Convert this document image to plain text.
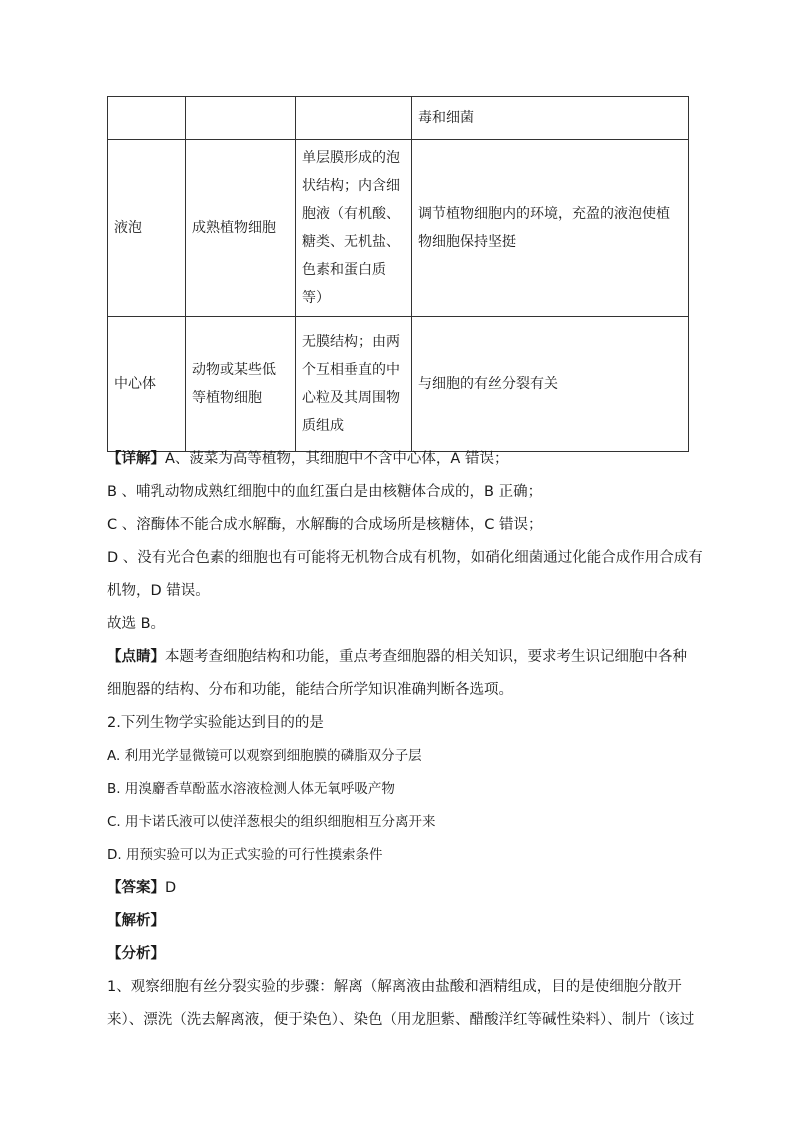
			毒和细菌
液泡	成熟植物细胞	单层膜形成的泡状结构；内含细胞液（有机酸、糖类、无机盐、色素和蛋白质等）	调节植物细胞内的环境，充盈的液泡使植物细胞保持坚挺
中心体	动物或某些低等植物细胞	无膜结构；由两个互相垂直的中心粒及其周围物质组成	与细胞的有丝分裂有关
【详解】A、菠菜为高等植物，其细胞中不含中心体，A 错误；
B 、哺乳动物成熟红细胞中的血红蛋白是由核糖体合成的，B 正确；
C 、溶酶体不能合成水解酶，水解酶的合成场所是核糖体，C 错误；
D 、没有光合色素的细胞也有可能将无机物合成有机物，如硝化细菌通过化能合成作用合成有
机物，D 错误。
故选 B。
【点睛】本题考查细胞结构和功能，重点考查细胞器的相关知识，要求考生识记细胞中各种
细胞器的结构、分布和功能，能结合所学知识准确判断各选项。
2.下列生物学实验能达到目的的是
A. 利用光学显微镜可以观察到细胞膜的磷脂双分子层
B. 用溴麝香草酚蓝水溶液检测人体无氧呼吸产物
C. 用卡诺氏液可以使洋葱根尖的组织细胞相互分离开来
D. 用预实验可以为正式实验的可行性摸索条件
【答案】D
【解析】
【分析】
1、观察细胞有丝分裂实验的步骤：解离（解离液由盐酸和酒精组成，目的是使细胞分散开
来）、漂洗（洗去解离液，便于染色）、染色（用龙胆紫、醋酸洋红等碱性染料）、制片（该过
